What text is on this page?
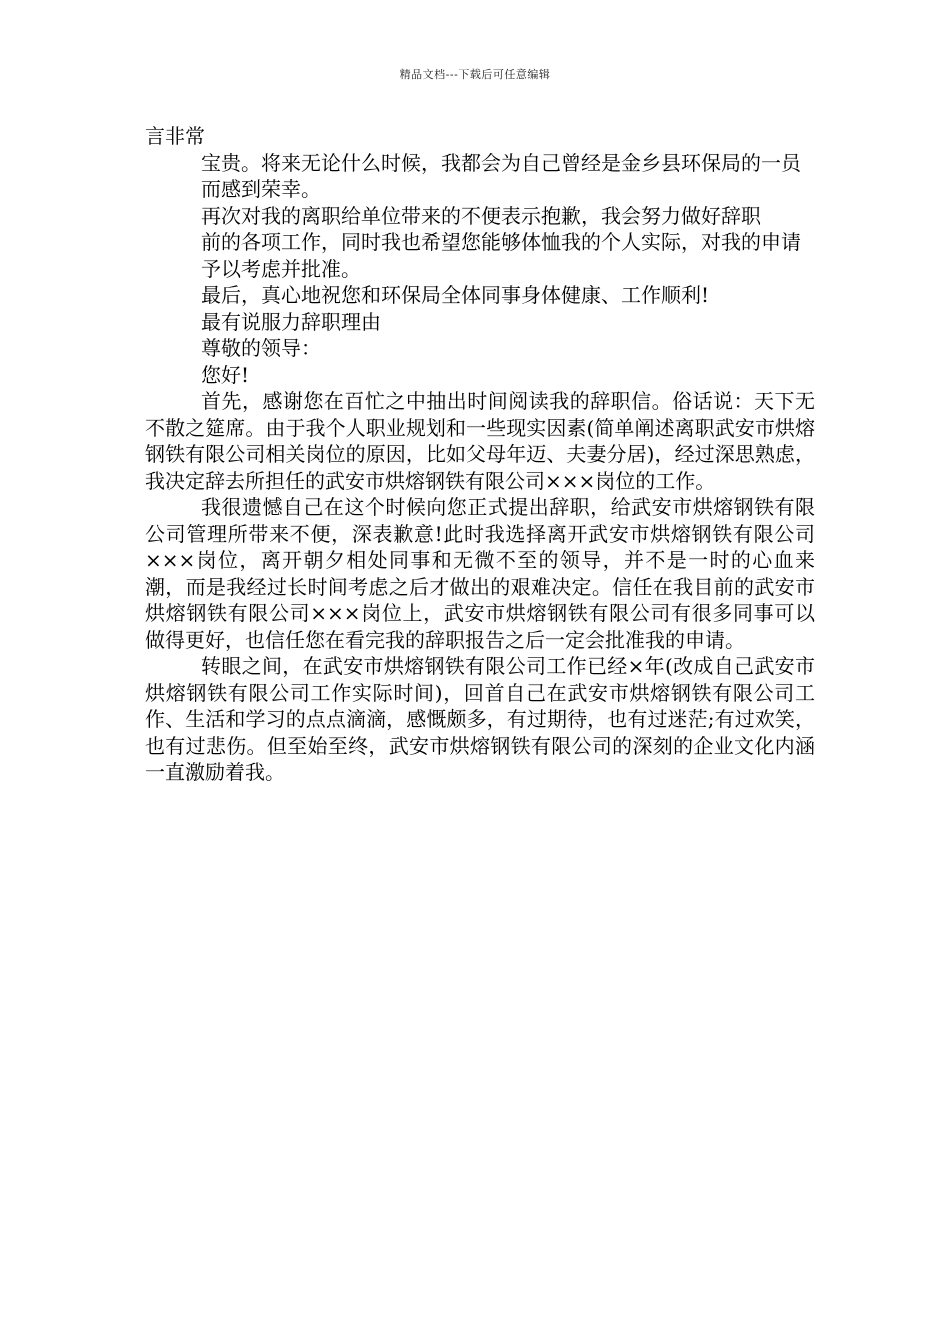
精品文档---下载后可任意编辑

言非常

宝贵。将来无论什么时候，我都会为自己曾经是金乡县环保局的一员

而感到荣幸。

再次对我的离职给单位带来的不便表示抱歉，我会努力做好辞职

前的各项工作，同时我也希望您能够体恤我的个人实际，对我的申请

予以考虑并批准。

最后，真心地祝您和环保局全体同事身体健康、工作顺利!

最有说服力辞职理由

尊敬的领导：

您好!

首先，感谢您在百忙之中抽出时间阅读我的辞职信。俗话说：天下无不散之筵席。由于我个人职业规划和一些现实因素(简单阐述离职武安市烘熔钢铁有限公司相关岗位的原因，比如父母年迈、夫妻分居)，经过深思熟虑，我决定辞去所担任的武安市烘熔钢铁有限公司×××岗位的工作。

我很遗憾自己在这个时候向您正式提出辞职，给武安市烘熔钢铁有限公司管理所带来不便，深表歉意!此时我选择离开武安市烘熔钢铁有限公司×××岗位，离开朝夕相处同事和无微不至的领导，并不是一时的心血来潮，而是我经过长时间考虑之后才做出的艰难决定。信任在我目前的武安市烘熔钢铁有限公司×××岗位上，武安市烘熔钢铁有限公司有很多同事可以做得更好，也信任您在看完我的辞职报告之后一定会批准我的申请。

转眼之间，在武安市烘熔钢铁有限公司工作已经×年(改成自己武安市烘熔钢铁有限公司工作实际时间)，回首自己在武安市烘熔钢铁有限公司工作、生活和学习的点点滴滴，感慨颇多，有过期待，也有过迷茫;有过欢笑，也有过悲伤。但至始至终，武安市烘熔钢铁有限公司的深刻的企业文化内涵一直激励着我。
